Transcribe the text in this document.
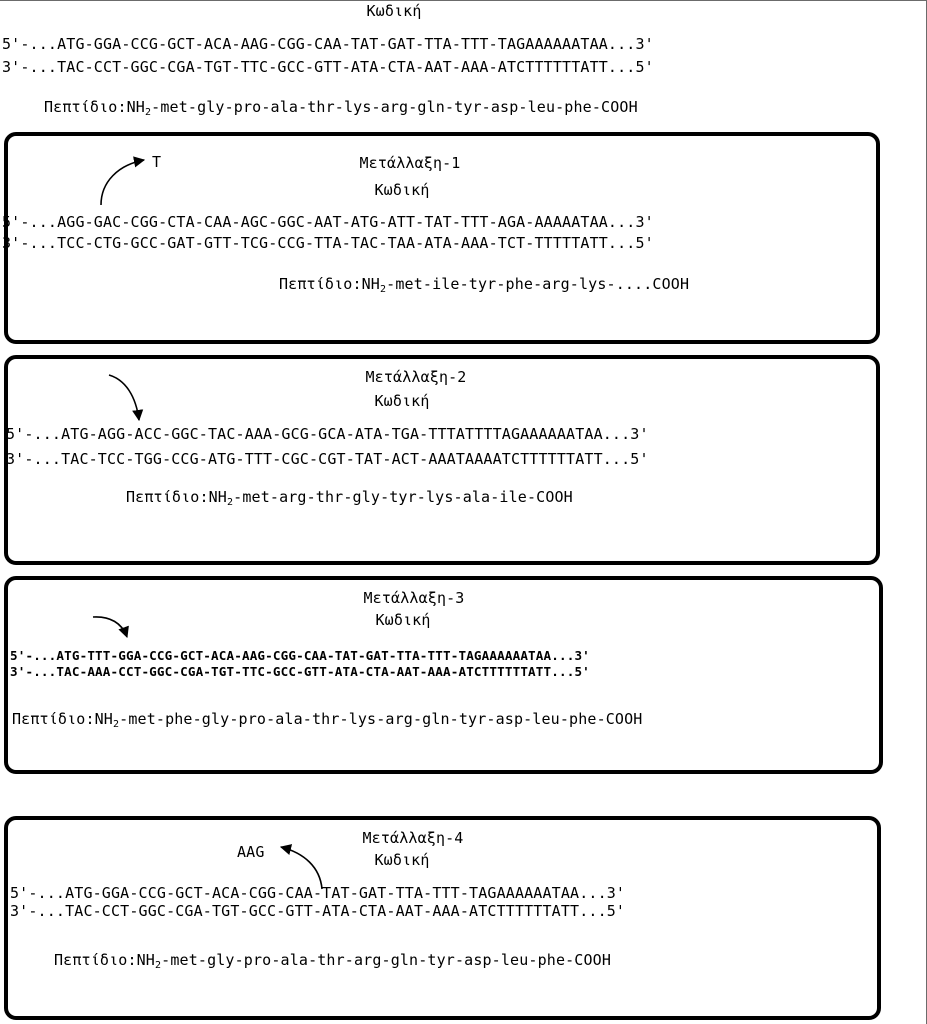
Κωδική
5'-...ATG-GGA-CCG-GCT-ACA-AAG-CGG-CAA-TAT-GAT-TTA-TTT-TAGAAAAAATAA...3'
3'-...TAC-CCT-GGC-CGA-TGT-TTC-GCC-GTT-ATA-CTA-AAT-AAA-ATCTTTTTTATT...5'
$\Pi\varepsilon\pi\tau ί\delta\iota o:NH_2-met-gly-pro-ala-thr-lys-arg-gln-tyr-asp-leu-phe$-COOH
Μετάλλαξη-1
Κωδική
T
5'-...AGG-GAC-CGG-CTA-CAA-AGC-GGC-AAT-ATG-ATT-TAT-TTT-AGA-AAAAATAA...3'
3'-...TCC-CTG-GCC-GAT-GTT-TCG-CCG-TTA-TAC-TAA-ATA-AAA-TCT-TTTTTATT...5'
$\Pi\varepsilon\pi\tau ί\delta\iota o:NH_2-met-ile-tyr-phe-arg-lys-....COOH$
Μετάλλαξη-2
Κωδική
5'-...ATG-AGG-ACC-GGC-TAC-AAA-GCG-GCA-ATA-TGA-TTTATTTTAGAAAAAATAA...3'
3'-...TAC-TCC-TGG-CCG-ATG-TTT-CGC-CGT-TAT-ACT-AAATAAAATCTTTTTTATT...5'
$\Pi\varepsilon\pi\tau ί\delta\iota o:NH_2-met-arg-thr-gly-tyr-lys-ala-ile$-COOH
Μετάλλαξη-3
Κωδική
5'-...ATG-TTT-GGA-CCG-GCT-ACA-AAG-CGG-CAA-TAT-GAT-TTA-TTT-TAGAAAAAATAA...3'
3'-...TAC-AAA-CCT-GGC-CGA-TGT-TTC-GCC-GTT-ATA-CTA-AAT-AAA-ATCTTTTTTATT...5'
$\Pi\varepsilon\pi\tau ί\delta\iota o:NH_2-met-phe-gly-pro-ala-thr-lys-arg-gln-tyr-asp-leu-phe$-COOH
Μετάλλαξη-4
Κωδική
AAG
5'-...ATG-GGA-CCG-GCT-ACA-CGG-CAA-TAT-GAT-TTA-TTT-TAGAAAAAATAA...3'
3'-...TAC-CCT-GGC-CGA-TGT-GCC-GTT-ATA-CTA-AAT-AAA-ATCTTTTTTATT...5'
$\Pi\varepsilon\pi\tau ί\delta\iota o:NH_2-met-gly-pro-ala-thr-arg-gln-tyr-asp-leu-phe$-COOH
